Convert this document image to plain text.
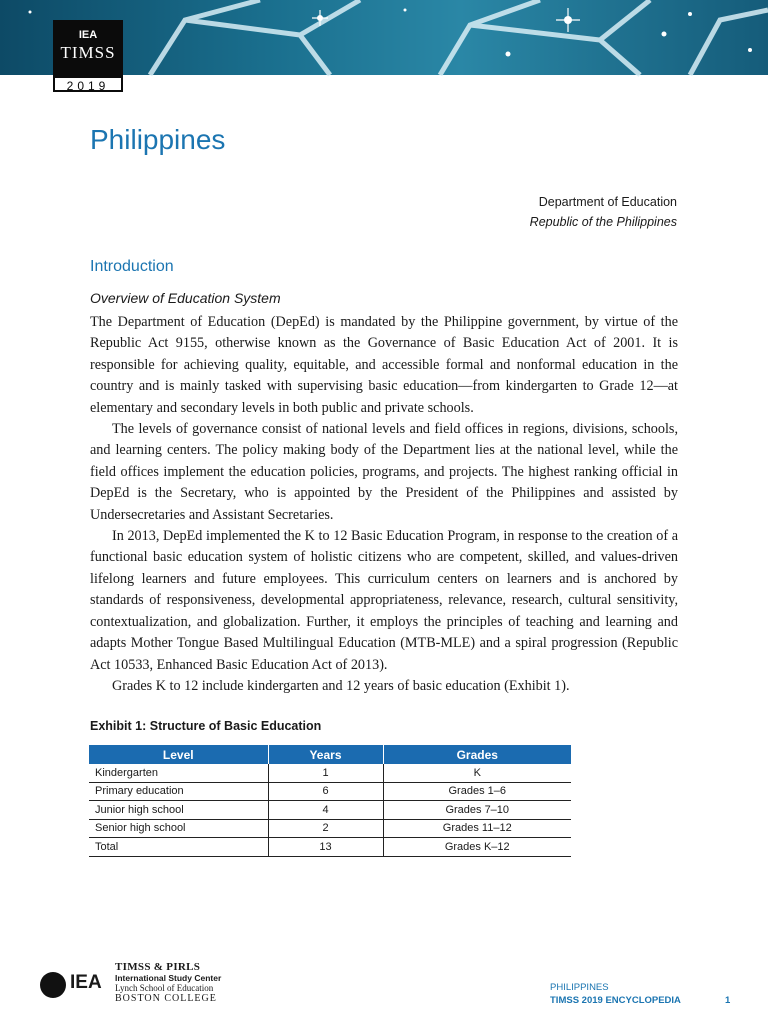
IEA
TIMSS
2019
Philippines
Department of Education
Republic of the Philippines
Introduction
Overview of Education System

The Department of Education (DepEd) is mandated by the Philippine government, by virtue of the Republic Act 9155, otherwise known as the Governance of Basic Education Act of 2001. It is responsible for achieving quality, equitable, and accessible formal and nonformal education in the country and is mainly tasked with supervising basic education—from kindergarten to Grade 12—at elementary and secondary levels in both public and private schools.

The levels of governance consist of national levels and field offices in regions, divisions, schools, and learning centers. The policy making body of the Department lies at the national level, while the field offices implement the education policies, programs, and projects. The highest ranking official in DepEd is the Secretary, who is appointed by the President of the Philippines and assisted by Undersecretaries and Assistant Secretaries.

In 2013, DepEd implemented the K to 12 Basic Education Program, in response to the creation of a functional basic education system of holistic citizens who are competent, skilled, and values-driven lifelong learners and future employees. This curriculum centers on learners and is anchored by standards of responsiveness, developmental appropriateness, relevance, research, cultural sensitivity, contextualization, and globalization. Further, it employs the principles of teaching and learning and adapts Mother Tongue Based Multilingual Education (MTB-MLE) and a spiral progression (Republic Act 10533, Enhanced Basic Education Act of 2013).

Grades K to 12 include kindergarten and 12 years of basic education (Exhibit 1).

Exhibit 1: Structure of Basic Education
Level	Years	Grades
Kindergarten	1	K
Primary education	6	Grades 1–6
Junior high school	4	Grades 7–10
Senior high school	2	Grades 11–12
Total	13	Grades K–12
IEA
TIMSS & PIRLS
International Study Center
Lynch School of Education
BOSTON COLLEGE
PHILIPPINES
TIMSS 2019 ENCYCLOPEDIA	1
